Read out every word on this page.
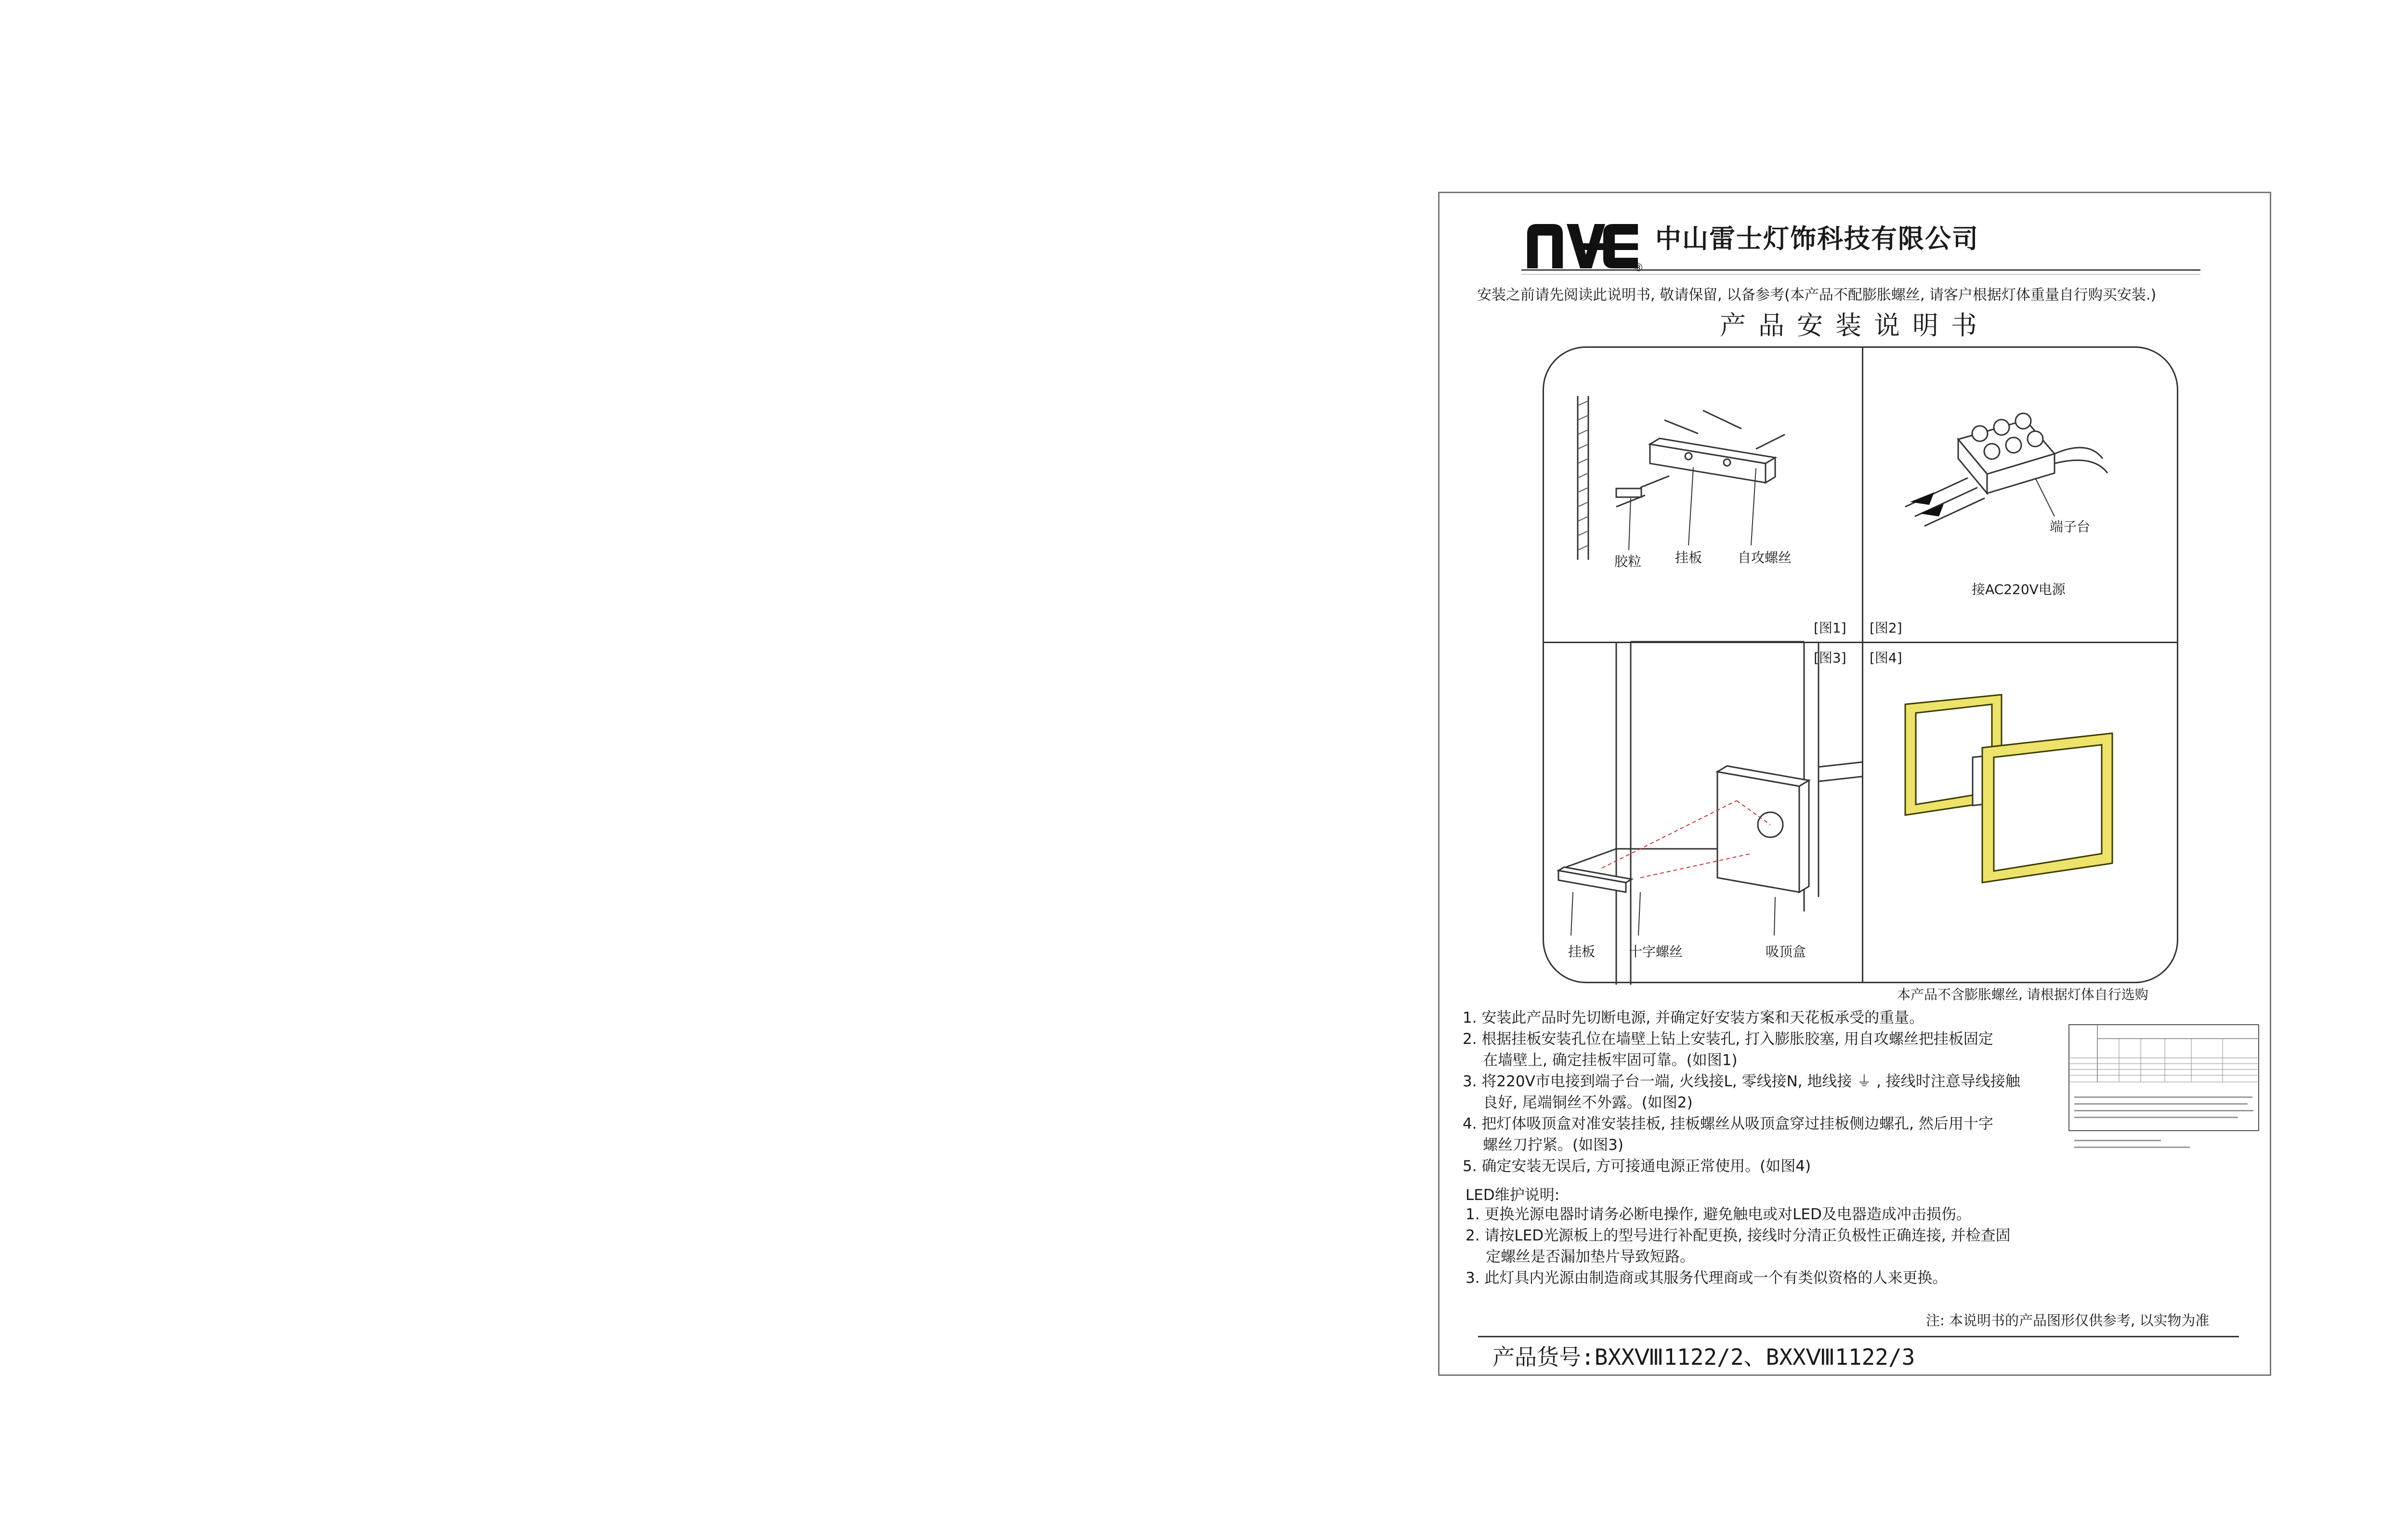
®
中山雷士灯饰科技有限公司
安装之前请先阅读此说明书, 敬请保留, 以备参考(本产品不配膨胀螺丝, 请客户根据灯体重量自行购买安装.)
产品安装说明书
胶粒 挂板	自攻螺丝
[图1]
端子台
接AC220V电源
[图2]
[图3]
挂板 十字螺丝	吸顶盒
[图4]
本产品不含膨胀螺丝, 请根据灯体自行选购
1. 安装此产品时先切断电源, 并确定好安装方案和天花板承受的重量。
2. 根据挂板安装孔位在墙壁上钻上安装孔, 打入膨胀胶塞, 用自攻螺丝把挂板固定
在墙壁上, 确定挂板牢固可靠。(如图1)
3. 将220V市电接到端子台一端, 火线接L, 零线接N, 地线接 ⏚ , 接线时注意导线接触
良好, 尾端铜丝不外露。(如图2)
4. 把灯体吸顶盒对准安装挂板, 挂板螺丝从吸顶盒穿过挂板侧边螺孔, 然后用十字
螺丝刀拧紧。(如图3)
5. 确定安装无误后, 方可接通电源正常使用。(如图4)
LED维护说明:
1. 更换光源电器时请务必断电操作, 避免触电或对LED及电器造成冲击损伤。
2. 请按LED光源板上的型号进行补配更换, 接线时分清正负极性正确连接, 并检查固
定螺丝是否漏加垫片导致短路。
3. 此灯具内光源由制造商或其服务代理商或一个有类似资格的人来更换。
注: 本说明书的产品图形仅供参考, 以实物为准
产品货号:BXXⅧ1122/2、BXXⅧ1122/3
